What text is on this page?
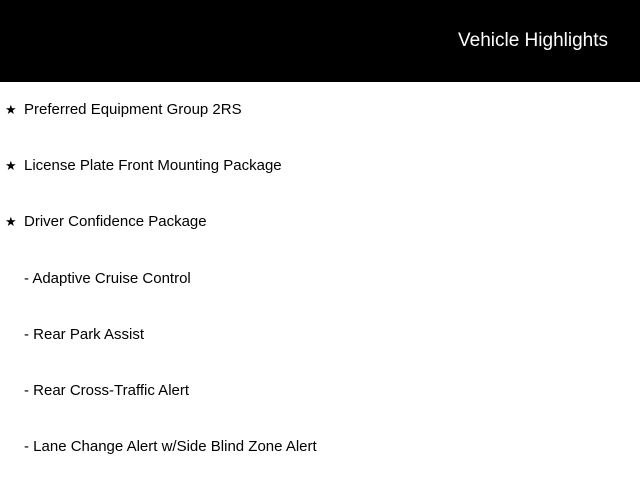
Vehicle Highlights
★ Preferred Equipment Group 2RS
★ License Plate Front Mounting Package
★ Driver Confidence Package
- Adaptive Cruise Control
- Rear Park Assist
- Rear Cross-Traffic Alert
- Lane Change Alert w/Side Blind Zone Alert
